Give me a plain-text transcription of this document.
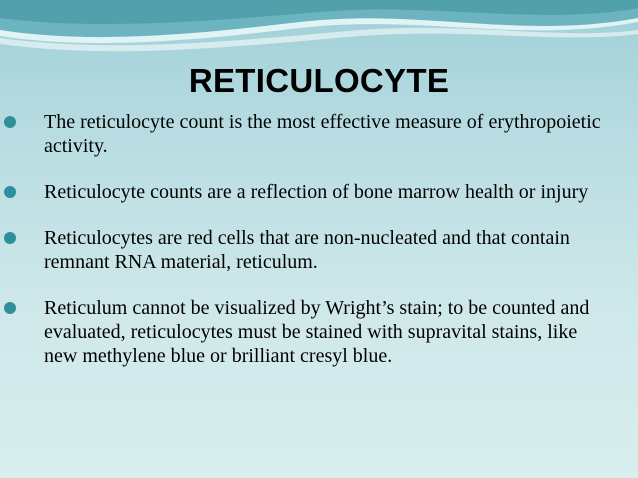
RETICULOCYTE
The reticulocyte count is the most effective measure of erythropoietic activity.
Reticulocyte counts are a reflection of bone marrow health or injury
Reticulocytes are red cells that are non-nucleated and that contain remnant RNA material, reticulum.
Reticulum cannot be visualized by Wright’s stain; to be counted and evaluated, reticulocytes must be stained with supravital stains, like new methylene blue or brilliant cresyl blue.
